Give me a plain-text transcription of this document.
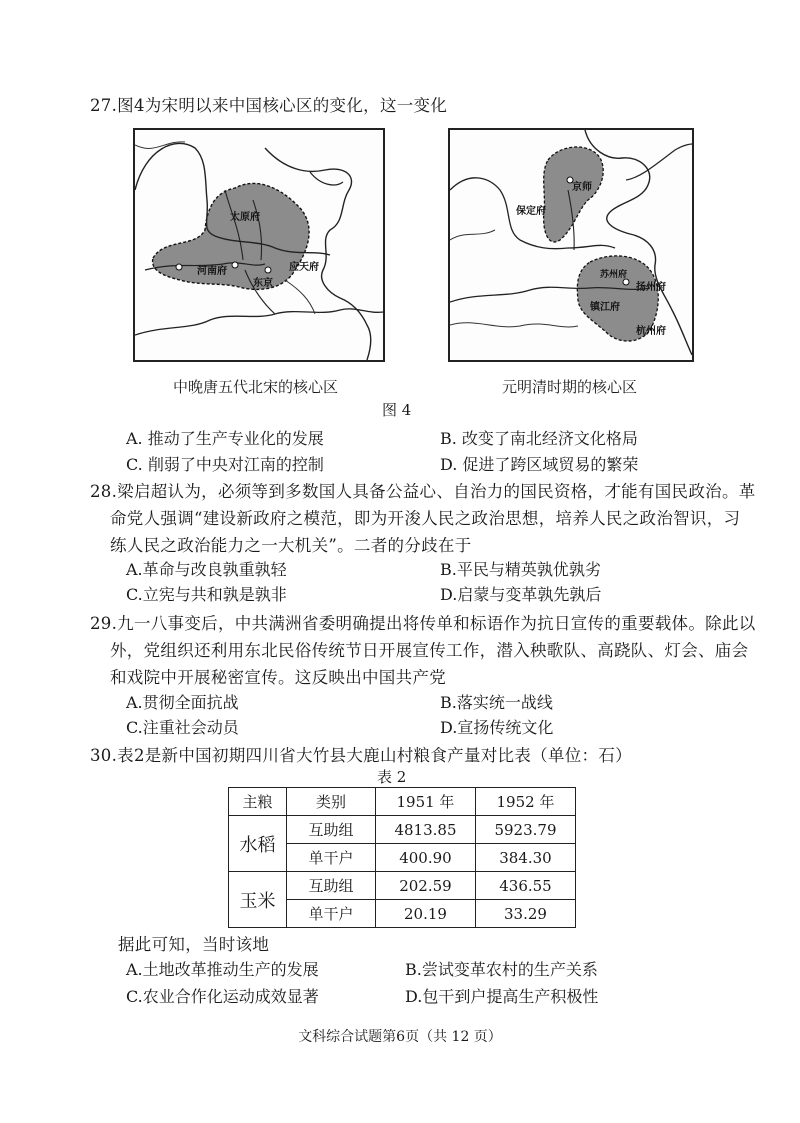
27.图4为宋明以来中国核心区的变化，这一变化
太原府
河南府
东京
应天府
京师
保定府
扬州府
镇江府
苏州府
杭州府
中晚唐五代北宋的核心区	元明清时期的核心区
图 4
A. 推动了生产专业化的发展	B. 改变了南北经济文化格局
C. 削弱了中央对江南的控制	D. 促进了跨区域贸易的繁荣
28.梁启超认为，必须等到多数国人具备公益心、自治力的国民资格，才能有国民政治。革
命党人强调“建设新政府之模范，即为开浚人民之政治思想，培养人民之政治智识，习
练人民之政治能力之一大机关”。二者的分歧在于
A.革命与改良孰重孰轻	B.平民与精英孰优孰劣
C.立宪与共和孰是孰非	D.启蒙与变革孰先孰后
29.九一八事变后，中共满洲省委明确提出将传单和标语作为抗日宣传的重要载体。除此以
外，党组织还利用东北民俗传统节日开展宣传工作，潜入秧歌队、高跷队、灯会、庙会
和戏院中开展秘密宣传。这反映出中国共产党
A.贯彻全面抗战	B.落实统一战线
C.注重社会动员	D.宣扬传统文化
30.表2是新中国初期四川省大竹县大鹿山村粮食产量对比表（单位：石）
表 2
主粮	类别	1951 年	1952 年
水稻	互助组	4813.85	5923.79
	单干户	400.90	384.30
玉米	互助组	202.59	436.55
	单干户	20.19	33.29
据此可知，当时该地
A.土地改革推动生产的发展	B.尝试变革农村的生产关系
C.农业合作化运动成效显著	D.包干到户提高生产积极性
文科综合试题第6页（共 12 页）
